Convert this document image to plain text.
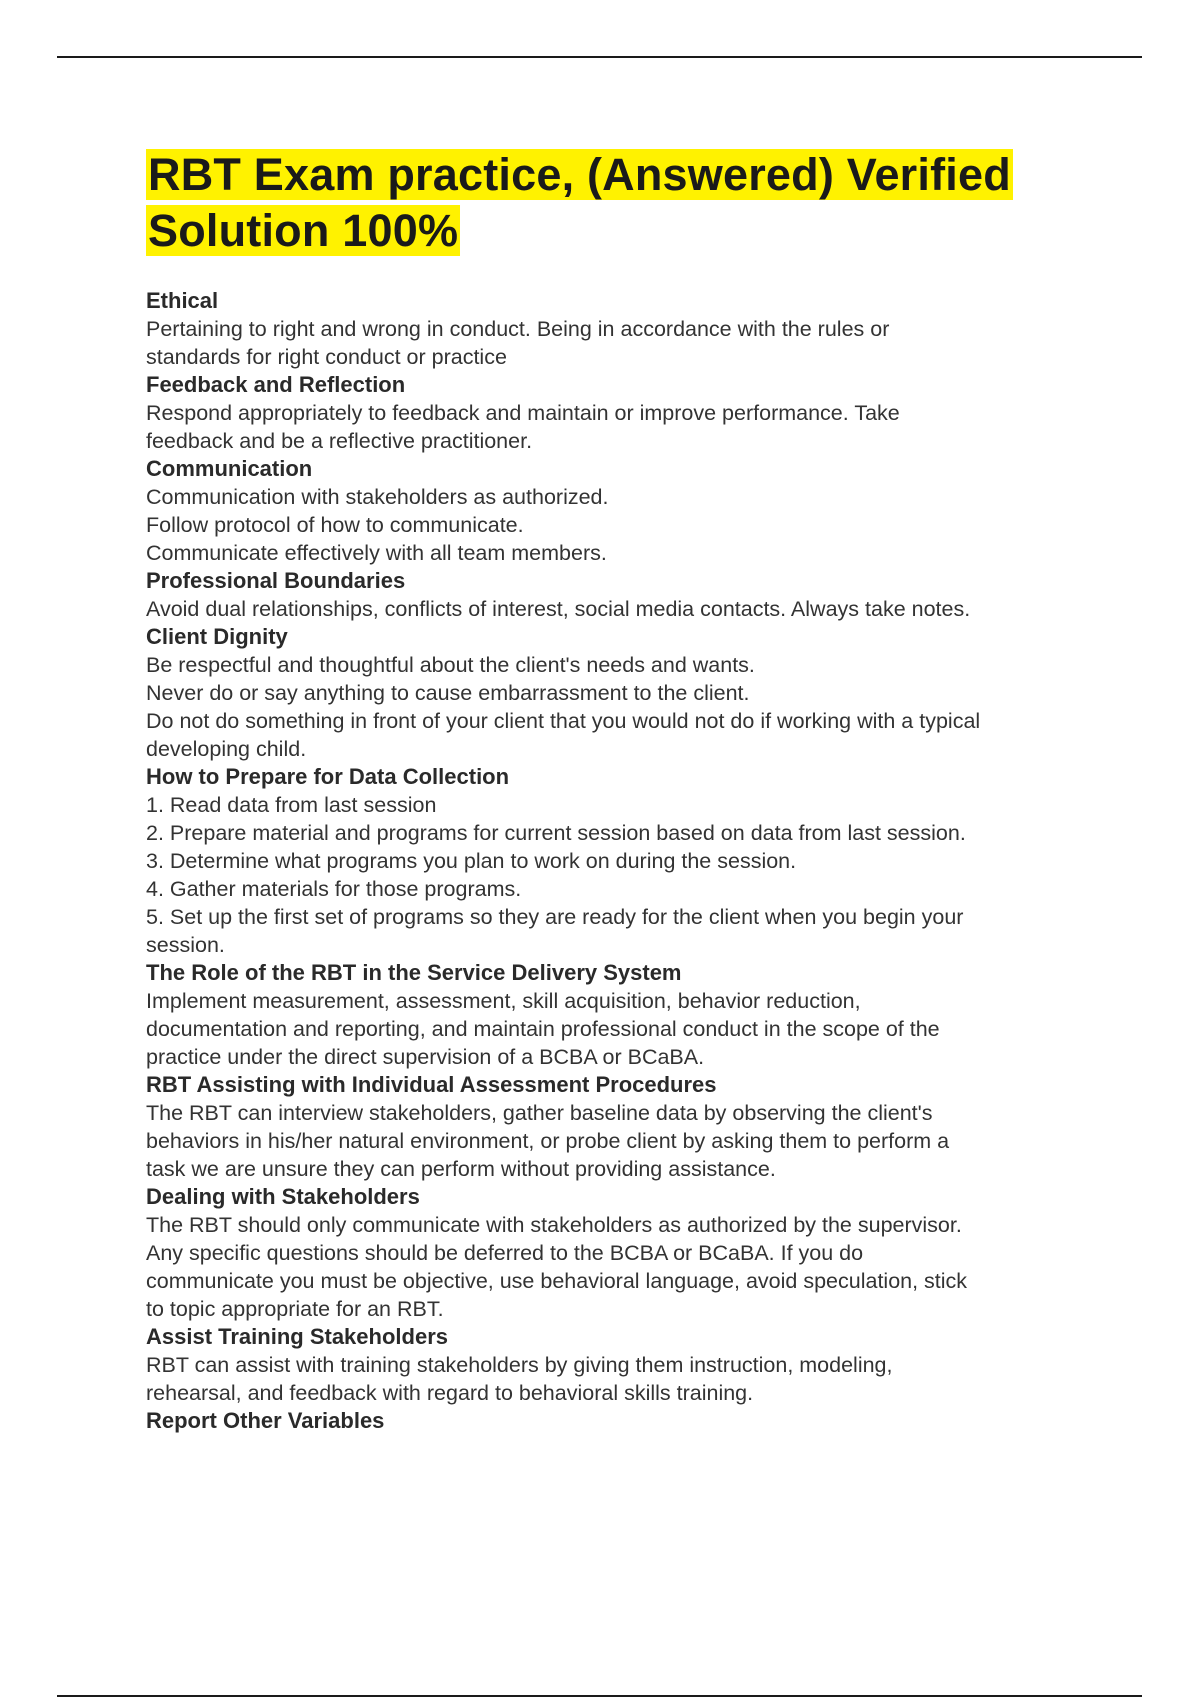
RBT Exam practice, (Answered) Verified Solution 100%
Ethical
Pertaining to right and wrong in conduct. Being in accordance with the rules or
standards for right conduct or practice
Feedback and Reflection
Respond appropriately to feedback and maintain or improve performance. Take
feedback and be a reflective practitioner.
Communication
Communication with stakeholders as authorized.
Follow protocol of how to communicate.
Communicate effectively with all team members.
Professional Boundaries
Avoid dual relationships, conflicts of interest, social media contacts. Always take notes.
Client Dignity
Be respectful and thoughtful about the client's needs and wants.
Never do or say anything to cause embarrassment to the client.
Do not do something in front of your client that you would not do if working with a typical
developing child.
How to Prepare for Data Collection
1. Read data from last session
2. Prepare material and programs for current session based on data from last session.
3. Determine what programs you plan to work on during the session.
4. Gather materials for those programs.
5. Set up the first set of programs so they are ready for the client when you begin your
session.
The Role of the RBT in the Service Delivery System
Implement measurement, assessment, skill acquisition, behavior reduction,
documentation and reporting, and maintain professional conduct in the scope of the
practice under the direct supervision of a BCBA or BCaBA.
RBT Assisting with Individual Assessment Procedures
The RBT can interview stakeholders, gather baseline data by observing the client's
behaviors in his/her natural environment, or probe client by asking them to perform a
task we are unsure they can perform without providing assistance.
Dealing with Stakeholders
The RBT should only communicate with stakeholders as authorized by the supervisor.
Any specific questions should be deferred to the BCBA or BCaBA. If you do
communicate you must be objective, use behavioral language, avoid speculation, stick
to topic appropriate for an RBT.
Assist Training Stakeholders
RBT can assist with training stakeholders by giving them instruction, modeling,
rehearsal, and feedback with regard to behavioral skills training.
Report Other Variables
